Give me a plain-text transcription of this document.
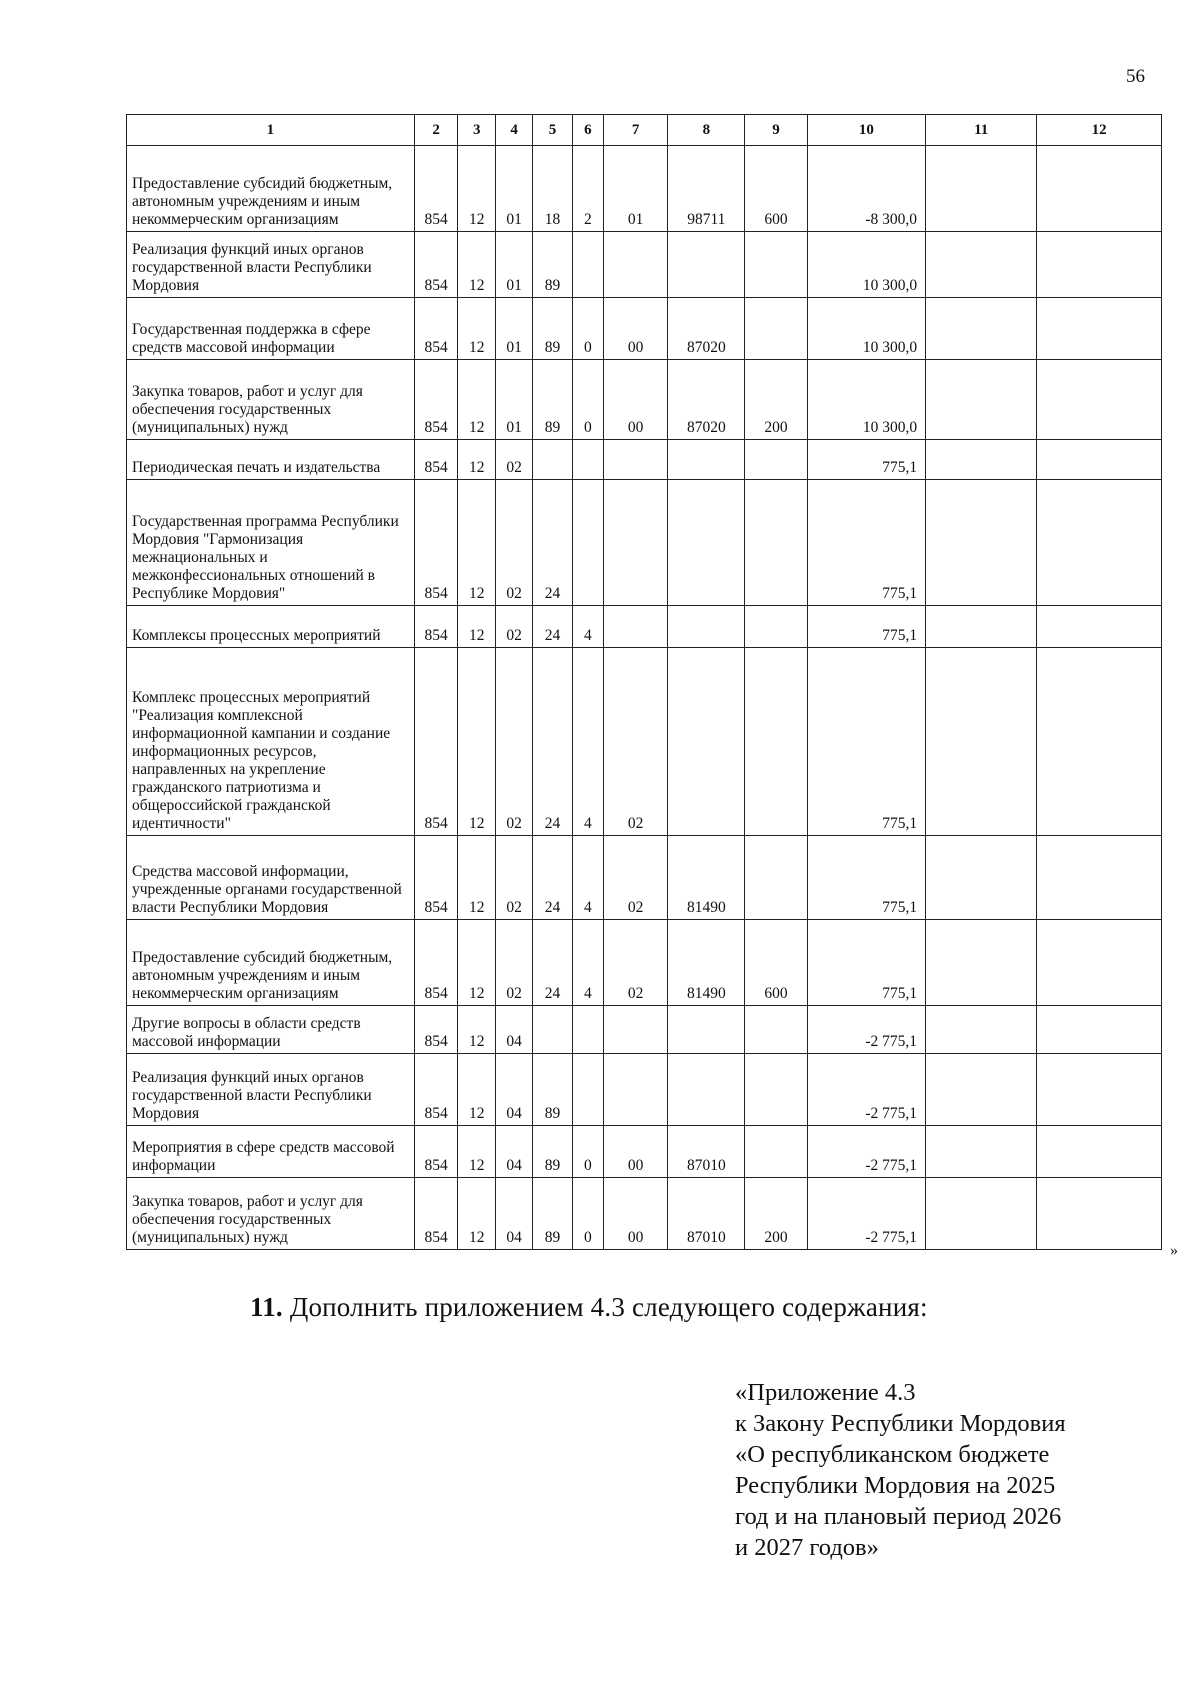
56
1	2	3	4	5	6	7	8	9	10	11	12
Предоставление субсидий бюджетным, автономным учреждениям и иным некоммерческим организациям	854	12	01	18	2	01	98711	600	-8 300,0		
Реализация функций иных органов государственной власти Республики Мордовия	854	12	01	89					10 300,0		
Государственная поддержка в сфере средств массовой информации	854	12	01	89	0	00	87020		10 300,0		
Закупка товаров, работ и услуг для обеспечения государственных (муниципальных) нужд	854	12	01	89	0	00	87020	200	10 300,0		
Периодическая печать и издательства	854	12	02						775,1		
Государственная программа Республики Мордовия "Гармонизация межнациональных и межконфессиональных отношений в Республике Мордовия"	854	12	02	24					775,1		
Комплексы процессных мероприятий	854	12	02	24	4				775,1		
Комплекс процессных мероприятий "Реализация комплексной информационной кампании и создание информационных ресурсов, направленных на укрепление гражданского патриотизма и общероссийской гражданской идентичности"	854	12	02	24	4	02			775,1		
Средства массовой информации, учрежденные органами государственной власти Республики Мордовия	854	12	02	24	4	02	81490		775,1		
Предоставление субсидий бюджетным, автономным учреждениям и иным некоммерческим организациям	854	12	02	24	4	02	81490	600	775,1		
Другие вопросы в области средств массовой информации	854	12	04						-2 775,1		
Реализация функций иных органов государственной власти Республики Мордовия	854	12	04	89					-2 775,1		
Мероприятия в сфере средств массовой информации	854	12	04	89	0	00	87010		-2 775,1		
Закупка товаров, работ и услуг для обеспечения государственных (муниципальных) нужд	854	12	04	89	0	00	87010	200	-2 775,1		
»
11. Дополнить приложением 4.3 следующего содержания:
«Приложение 4.3
к Закону Республики Мордовия
«О республиканском бюджете
Республики Мордовия на 2025
год и на плановый период 2026
и 2027 годов»
